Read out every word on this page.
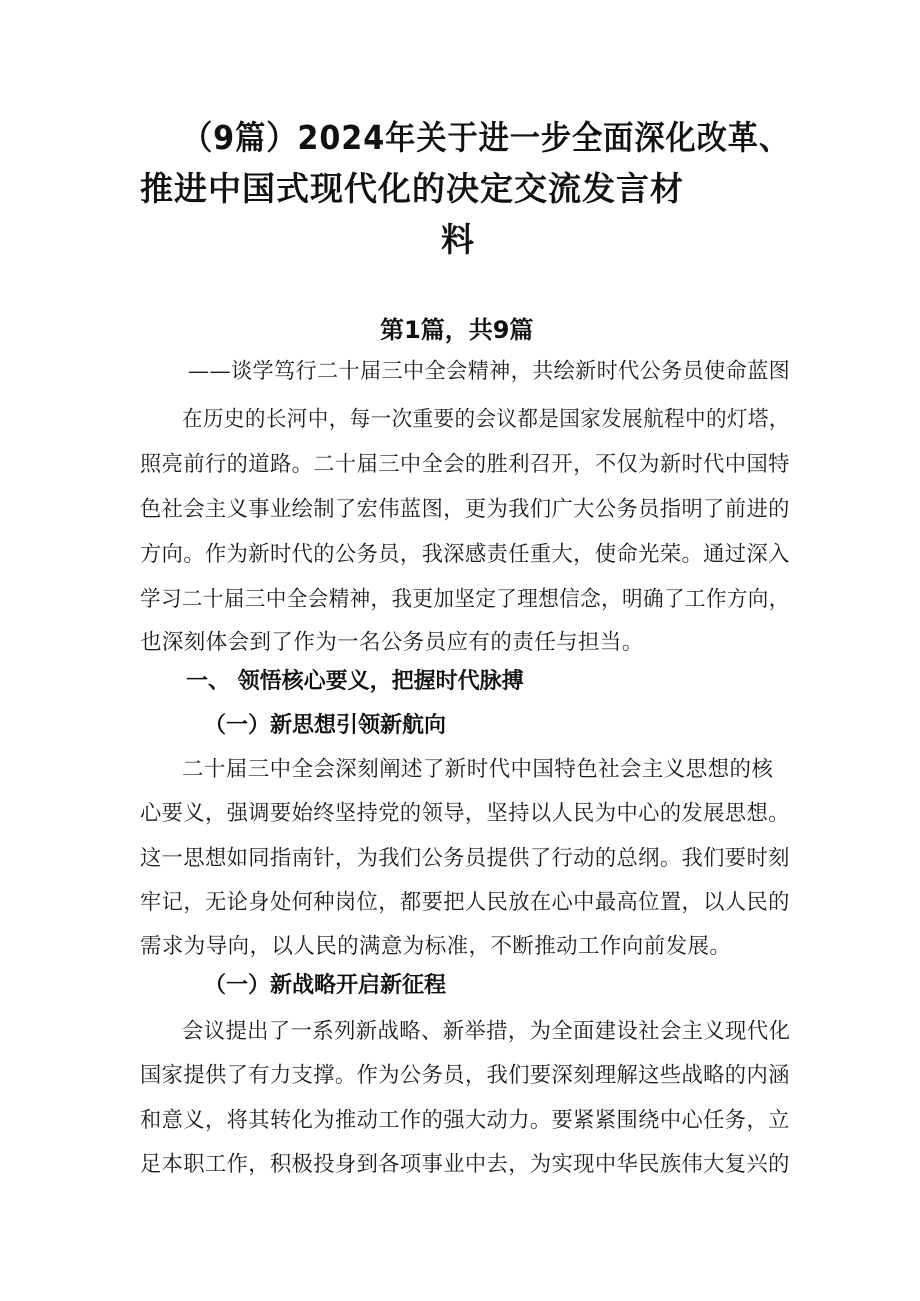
（9篇）2024年关于进一步全面深化改革、
推进中国式现代化的决定交流发言材
料
第1篇，共9篇
——谈学笃行二十届三中全会精神，共绘新时代公务员使命蓝图
在历史的长河中，每一次重要的会议都是国家发展航程中的灯塔，
照亮前行的道路。二十届三中全会的胜利召开，不仅为新时代中国特
色社会主义事业绘制了宏伟蓝图，更为我们广大公务员指明了前进的
方向。作为新时代的公务员，我深感责任重大，使命光荣。通过深入
学习二十届三中全会精神，我更加坚定了理想信念，明确了工作方向，
也深刻体会到了作为一名公务员应有的责任与担当。
一、 领悟核心要义，把握时代脉搏
（一）新思想引领新航向
二十届三中全会深刻阐述了新时代中国特色社会主义思想的核
心要义，强调要始终坚持党的领导，坚持以人民为中心的发展思想。
这一思想如同指南针，为我们公务员提供了行动的总纲。我们要时刻
牢记，无论身处何种岗位，都要把人民放在心中最高位置，以人民的
需求为导向，以人民的满意为标准，不断推动工作向前发展。
（一）新战略开启新征程
会议提出了一系列新战略、新举措，为全面建设社会主义现代化
国家提供了有力支撑。作为公务员，我们要深刻理解这些战略的内涵
和意义，将其转化为推动工作的强大动力。要紧紧围绕中心任务，立
足本职工作，积极投身到各项事业中去，为实现中华民族伟大复兴的
